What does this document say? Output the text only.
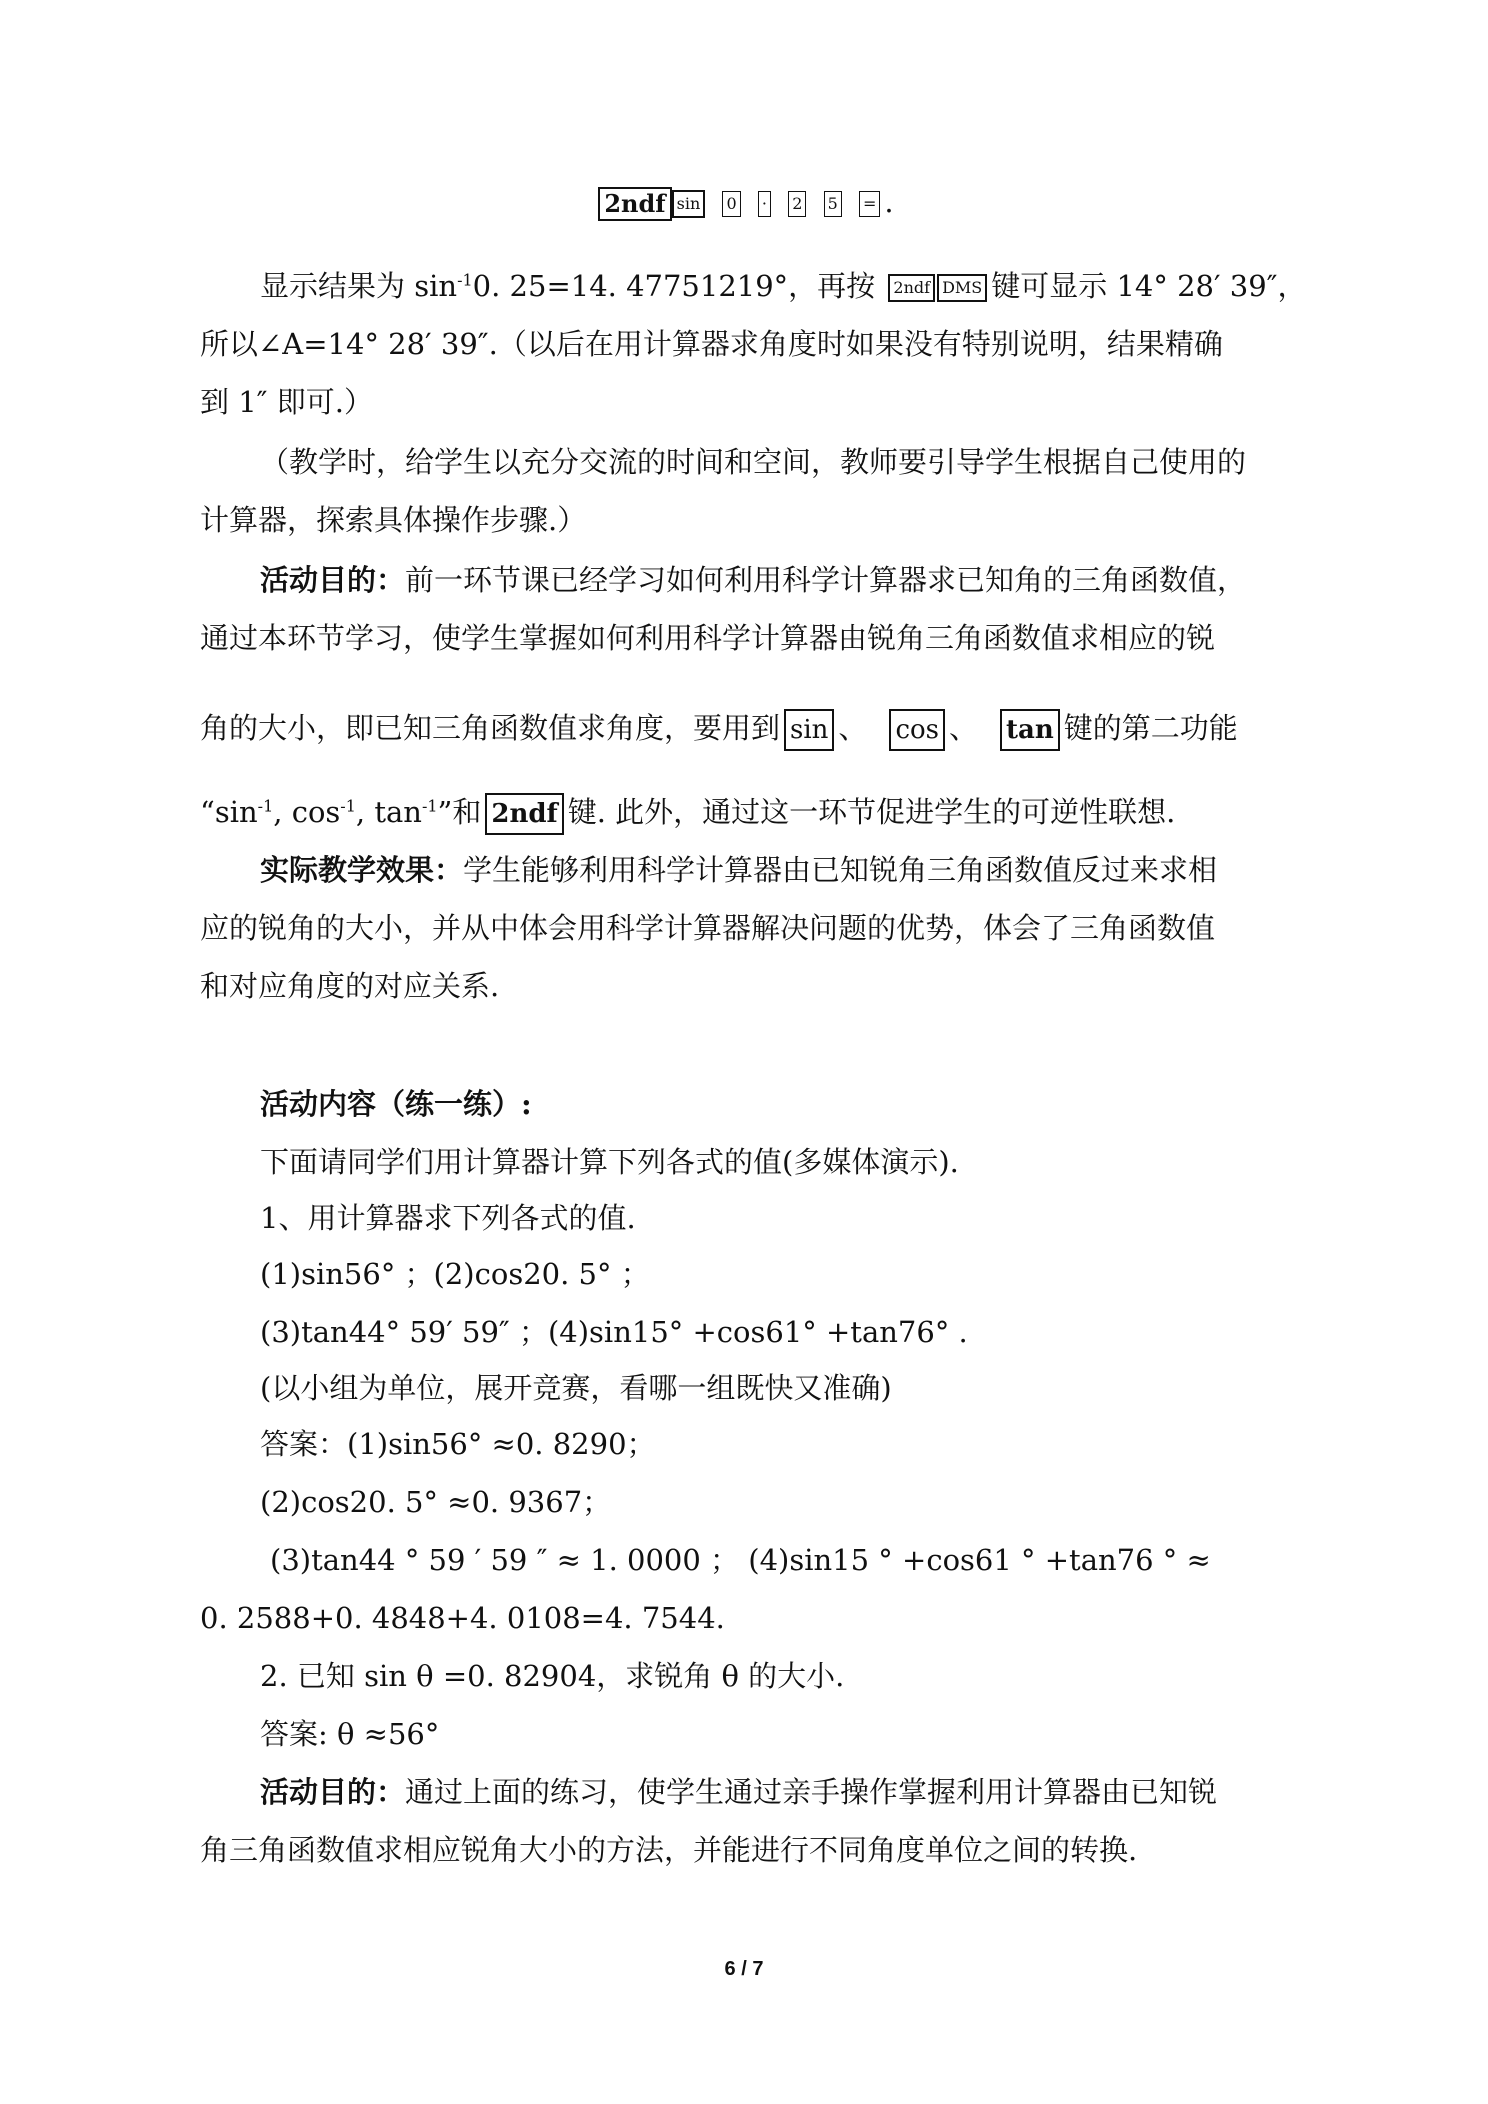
2ndf sin 0 · 2 5 = .
显示结果为 $\sin^{-1}0$. 25=14. 47751219°，再按 2ndf DMS 键可显示 14° 28′ 39″，
所以∠A=14° 28′ 39″.（以后在用计算器求角度时如果没有特别说明，结果精确
到 1″ 即可.）
（教学时，给学生以充分交流的时间和空间，教师要引导学生根据自己使用的
计算器，探索具体操作步骤.）
活动目的：前一环节课已经学习如何利用科学计算器求已知角的三角函数值，
通过本环节学习，使学生掌握如何利用科学计算器由锐角三角函数值求相应的锐
角的大小，即已知三角函数值求角度，要用到 sin 、 cos 、 tan 键的第二功能
“$\sin^{-1}$, $\cos^{-1}$, $\tan^{-1}$”和 2ndf 键. 此外，通过这一环节促进学生的可逆性联想.
实际教学效果：学生能够利用科学计算器由已知锐角三角函数值反过来求相
应的锐角的大小，并从中体会用科学计算器解决问题的优势，体会了三角函数值
和对应角度的对应关系.
活动内容（练一练）:
下面请同学们用计算器计算下列各式的值(多媒体演示).
1、用计算器求下列各式的值.
(1)sin56° ；(2)cos20. 5° ；
(3)tan44° 59′ 59″ ；(4)sin15° +cos61° +tan76° .
(以小组为单位，展开竞赛，看哪一组既快又准确)
答案：(1)sin56° ≈0. 8290；
(2)cos20. 5° ≈0. 9367；
(3)tan44 ° 59 ′ 59 ″ ≈ 1. 0000 ； (4)sin15 ° +cos61 ° +tan76 ° ≈
0. 2588+0. 4848+4. 0108=4. 7544.
2. 已知 sin θ =0. 82904，求锐角 θ 的大小.
答案: θ ≈56°
活动目的：通过上面的练习，使学生通过亲手操作掌握利用计算器由已知锐
角三角函数值求相应锐角大小的方法，并能进行不同角度单位之间的转换.
6 / 7
